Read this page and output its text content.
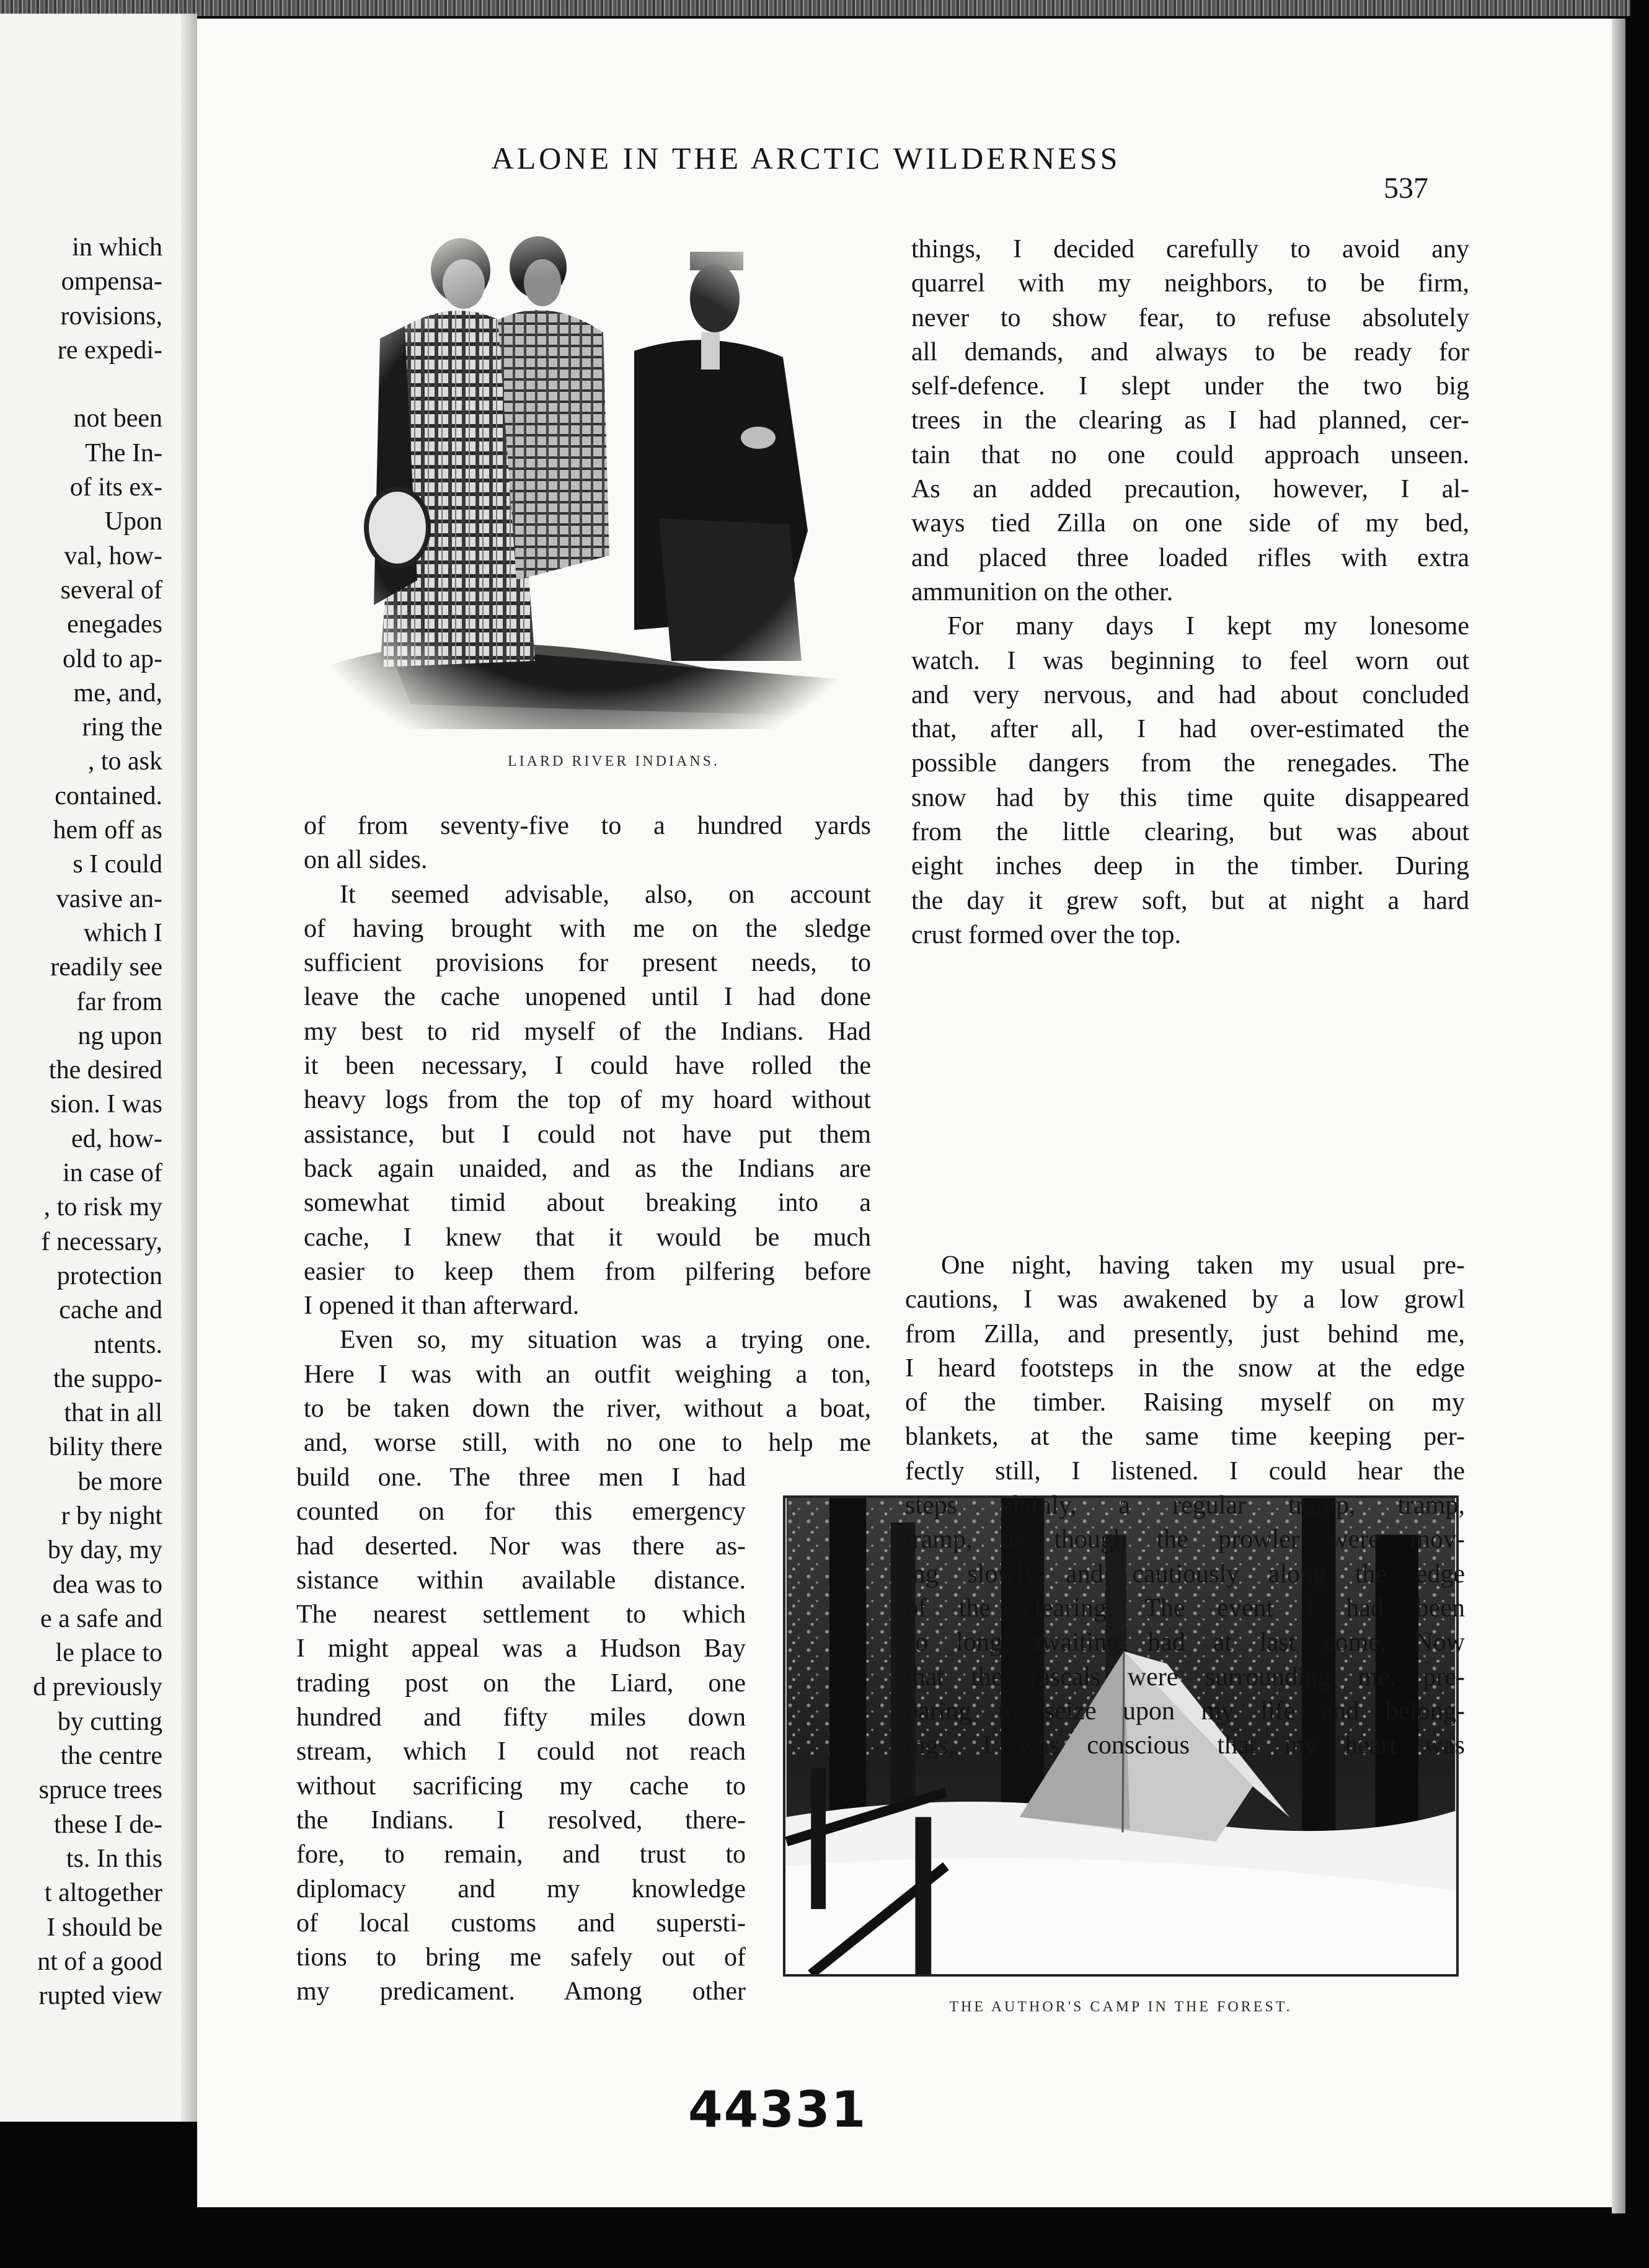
in which
ompensa-
rovisions,
re expedi-
not been
The In-
of its ex-
Upon
val, how-
several of
enegades
old to ap-
me, and,
ring the
, to ask
contained.
hem off as
s I could
vasive an-
which I
readily see
far from
ng upon
the desired
sion. I was
ed, how-
in case of
, to risk my
f necessary,
protection
cache and
ntents.
the suppo-
that in all
bility there
be more
r by night
by day, my
dea was to
e a safe and
le place to
d previously
by cutting
the centre
spruce trees
these I de-
ts. In this
t altogether
I should be
nt of a good
rupted view
ALONE IN THE ARCTIC WILDERNESS
537
LIARD RIVER INDIANS.
THE AUTHOR'S CAMP IN THE FOREST.
of from seventy-five to a hundred yards
on all sides.
It seemed advisable, also, on account
of having brought with me on the sledge
sufficient provisions for present needs, to
leave the cache unopened until I had done
my best to rid myself of the Indians. Had
it been necessary, I could have rolled the
heavy logs from the top of my hoard without
assistance, but I could not have put them
back again unaided, and as the Indians are
somewhat timid about breaking into a
cache, I knew that it would be much
easier to keep them from pilfering before
I opened it than afterward.
Even so, my situation was a trying one.
Here I was with an outfit weighing a ton,
to be taken down the river, without a boat,
and, worse still, with no one to help me
build one. The three men I had
counted on for this emergency
had deserted. Nor was there as-
sistance within available distance.
The nearest settlement to which
I might appeal was a Hudson Bay
trading post on the Liard, one
hundred and fifty miles down
stream, which I could not reach
without sacrificing my cache to
the Indians. I resolved, there-
fore, to remain, and trust to
diplomacy and my knowledge
of local customs and supersti-
tions to bring me safely out of
my predicament. Among other
things, I decided carefully to avoid any
quarrel with my neighbors, to be firm,
never to show fear, to refuse absolutely
all demands, and always to be ready for
self-defence. I slept under the two big
trees in the clearing as I had planned, cer-
tain that no one could approach unseen.
As an added precaution, however, I al-
ways tied Zilla on one side of my bed,
and placed three loaded rifles with extra
ammunition on the other.
For many days I kept my lonesome
watch. I was beginning to feel worn out
and very nervous, and had about concluded
that, after all, I had over-estimated the
possible dangers from the renegades. The
snow had by this time quite disappeared
from the little clearing, but was about
eight inches deep in the timber. During
the day it grew soft, but at night a hard
crust formed over the top.
One night, having taken my usual pre-
cautions, I was awakened by a low growl
from Zilla, and presently, just behind me,
I heard footsteps in the snow at the edge
of the timber. Raising myself on my
blankets, at the same time keeping per-
fectly still, I listened. I could hear the
steps plainly, a regular tramp, tramp,
tramp, as though the prowler were mov-
ing slowly and cautiously along the edge
of the clearing. The event I had been
so long awaiting had at last come. Now
that the rascals were surrounding me, pre-
paring to seize upon my life and belong-
ings, I was conscious that my heart was
44331
